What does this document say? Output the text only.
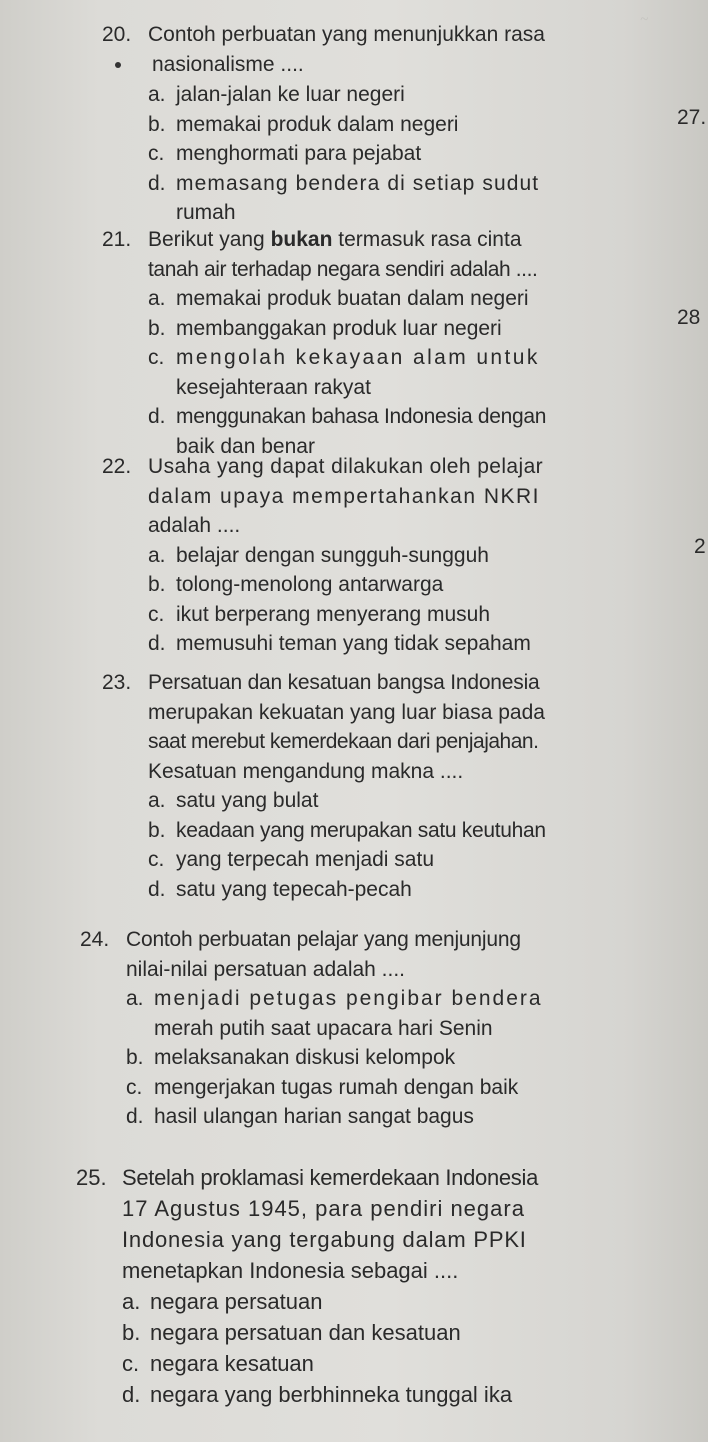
~
20. Contoh perbuatan yang menunjukkan rasa
nasionalisme ....
a. jalan-jalan ke luar negeri
b. memakai produk dalam negeri
c. menghormati para pejabat
d. memasang bendera di setiap sudut
rumah
21. Berikut yang bukan termasuk rasa cinta
tanah air terhadap negara sendiri adalah ....
a. memakai produk buatan dalam negeri
b. membanggakan produk luar negeri
c. mengolah kekayaan alam untuk
kesejahteraan rakyat
d. menggunakan bahasa Indonesia dengan
baik dan benar
22. Usaha yang dapat dilakukan oleh pelajar
dalam upaya mempertahankan NKRI
adalah ....
a. belajar dengan sungguh-sungguh
b. tolong-menolong antarwarga
c. ikut berperang menyerang musuh
d. memusuhi teman yang tidak sepaham
23. Persatuan dan kesatuan bangsa Indonesia
merupakan kekuatan yang luar biasa pada
saat merebut kemerdekaan dari penjajahan.
Kesatuan mengandung makna ....
a. satu yang bulat
b. keadaan yang merupakan satu keutuhan
c. yang terpecah menjadi satu
d. satu yang tepecah-pecah
24. Contoh perbuatan pelajar yang menjunjung
nilai-nilai persatuan adalah ....
a. menjadi petugas pengibar bendera
merah putih saat upacara hari Senin
b. melaksanakan diskusi kelompok
c. mengerjakan tugas rumah dengan baik
d. hasil ulangan harian sangat bagus
25. Setelah proklamasi kemerdekaan Indonesia
17 Agustus 1945, para pendiri negara
Indonesia yang tergabung dalam PPKI
menetapkan Indonesia sebagai ....
a. negara persatuan
b. negara persatuan dan kesatuan
c. negara kesatuan
d. negara yang berbhinneka tunggal ika
27.
28
2
